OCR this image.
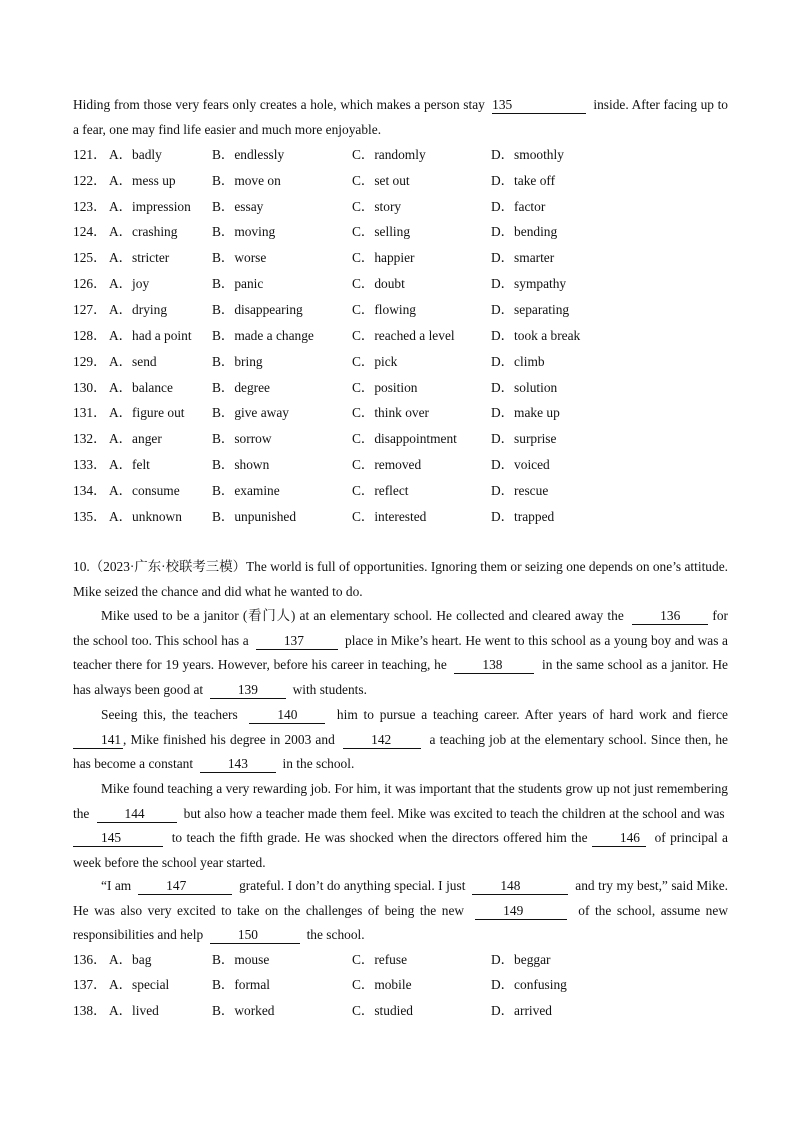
Hiding from those very fears only creates a hole, which makes a person stay 135	inside. After facing up to a fear, one may find life easier and much more enjoyable.

121． A．badly	B．endlessly	C．randomly	D．smoothly
122． A．mess up	B．move on	C．set out	D．take off
123． A．impression B．essay	C．story	D．factor
124． A．crashing	B．moving	C．selling	D．bending
125． A．stricter	B．worse	C．happier	D．smarter
126． A．joy	B．panic	C．doubt	D．sympathy
127． A．drying	B．disappearing	C．flowing	D．separating
128． A．had a point B．made a change	C．reached a level	D．took a break
129． A．send	B．bring	C．pick	D．climb
130． A．balance	B．degree	C．position	D．solution
131． A．figure out B．give away	C．think over	D．make up
132． A．anger	B．sorrow	C．disappointment	D．surprise
133． A．felt	B．shown	C．removed	D．voiced
134． A．consume B．examine	C．reflect	D．rescue
135． A．unknown B．unpunished	C．interested	D．trapped

10.（2023·广东·校联考三模）The world is full of opportunities. Ignoring them or seizing one depends on one’s attitude. Mike seized the chance and did what he wanted to do.

Mike used to be a janitor (看门人) at an elementary school. He collected and cleared away the	136 for the school too. This school has a	137	place in Mike’s heart. He went to this school as a young boy and was a teacher there for 19 years. However, before his career in teaching, he	138	in the same school as a janitor. He has always been good at	139	with students.

Seeing this, the teachers	140	him to pursue a teaching career. After years of hard work and fierce 141 , Mike finished his degree in 2003 and	142	a teaching job at the elementary school. Since then, he has become a constant	143	in the school.

Mike found teaching a very rewarding job. For him, it was important that the students grow up not just remembering the	144	but also how a teacher made them feel. Mike was excited to teach the children at the school and was  145	to teach the fifth grade. He was shocked when the directors offered him the 146 of principal a week before the school year started.

“I am	147	grateful. I don’t do anything special. I just	148	and try my best,” said Mike. He was also very excited to take on the challenges of being the new	149	of the school, assume new responsibilities and help	150	the school.

136． A．bag	B．mouse	C．refuse	D．beggar
137． A．special	B．formal	C．mobile	D．confusing
138． A．lived	B．worked	C．studied	D．arrived
